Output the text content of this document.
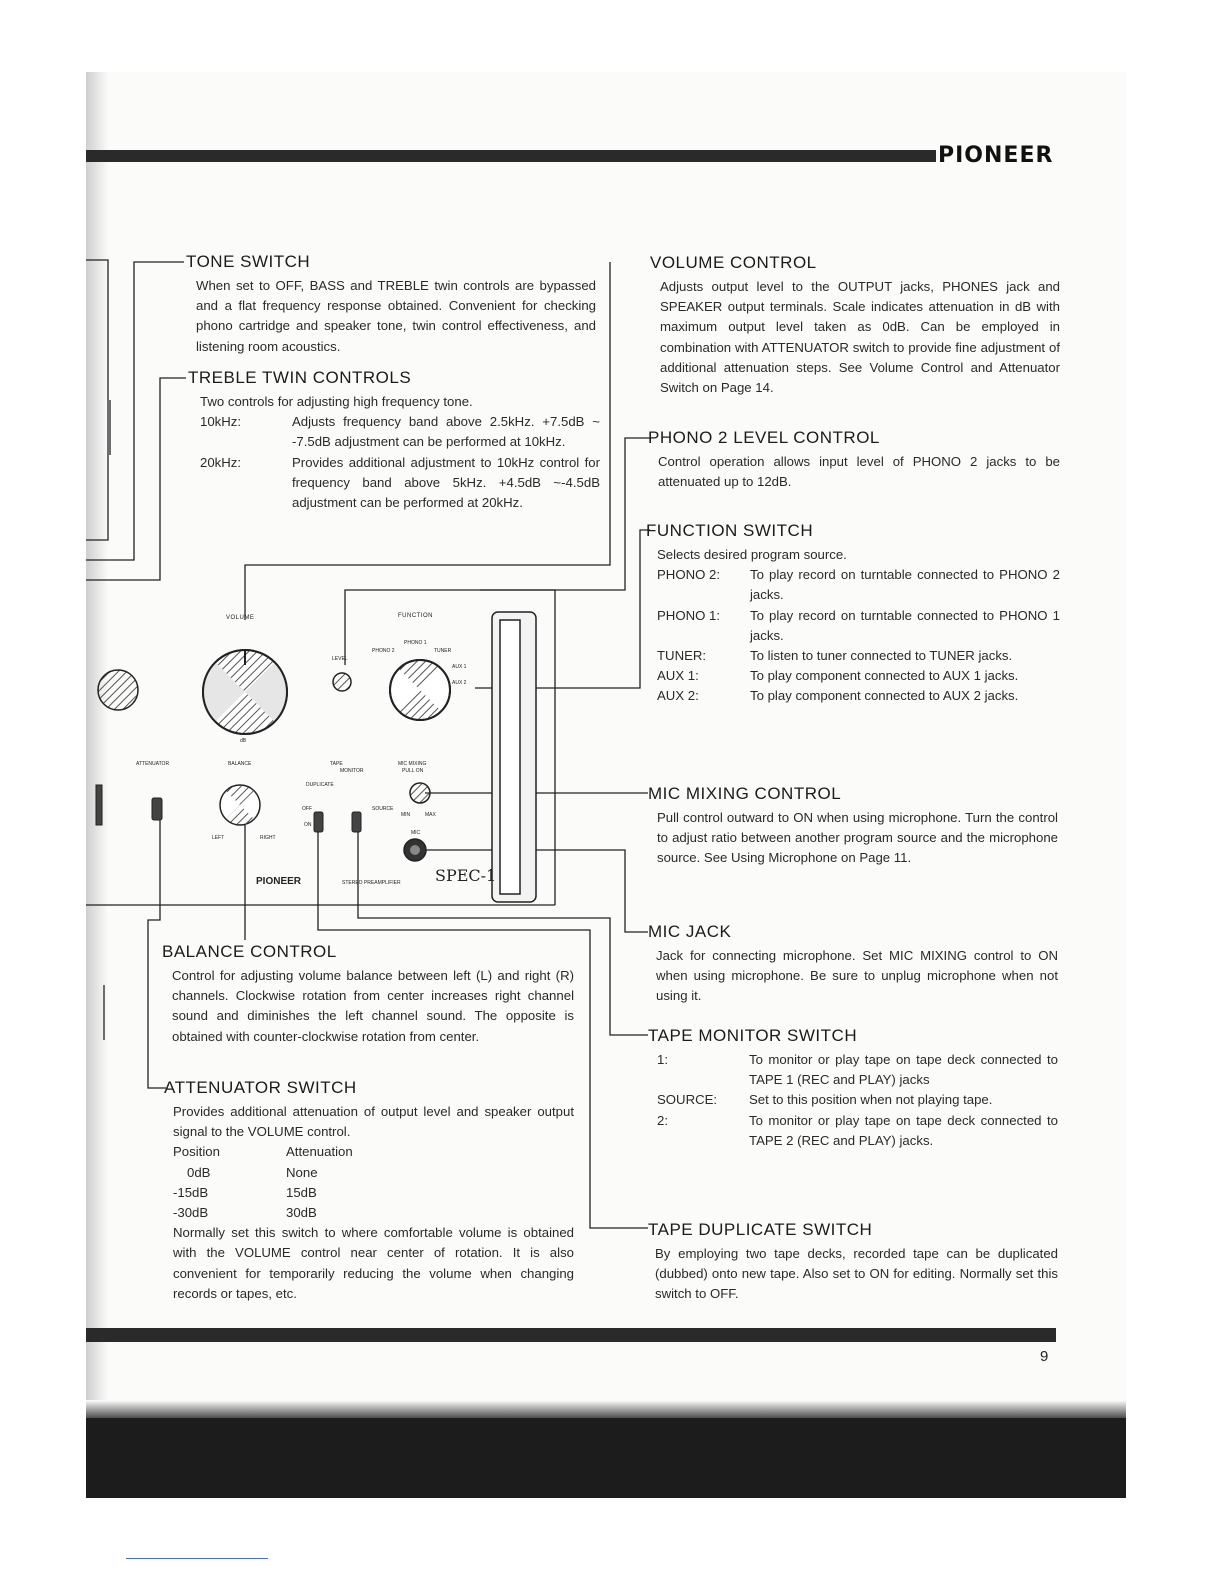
PIONEER
VOLUME	FUNCTION
LEVEL
PHONO 2
PHONO 1
TUNER
AUX 1
AUX 2
ATTENUATOR	BALANCE	TAPE
MONITOR
DUPLICATE
MIC MIXING
PULL ON
SOURCE
MIN	MAX
MIC
LEFT	RIGHT
OFF
ON
dB
PIONEER	STEREO PREAMPLIFIER SPEC-1
TONE SWITCH

When set to OFF, BASS and TREBLE twin controls are bypassed and a flat frequency response obtained. Convenient for checking phono cartridge and speaker tone, twin control effectiveness, and listening room acoustics.

TREBLE TWIN CONTROLS
Two controls for adjusting high frequency tone.
10kHz:	Adjusts frequency band above 2.5kHz. +7.5dB ~ -7.5dB adjustment can be performed at 10kHz.
20kHz:	Provides additional adjustment to 10kHz control for frequency band above 5kHz. +4.5dB ~-4.5dB adjustment can be performed at 20kHz.
VOLUME CONTROL

Adjusts output level to the OUTPUT jacks, PHONES jack and SPEAKER output terminals. Scale indicates attenuation in dB with maximum output level taken as 0dB. Can be employed in combination with ATTENUATOR switch to provide fine adjustment of additional attenuation steps. See Volume Control and Attenuator Switch on Page 14.

PHONO 2 LEVEL CONTROL

Control operation allows input level of PHONO 2 jacks to be attenuated up to 12dB.

FUNCTION SWITCH
Selects desired program source.
PHONO 2:	To play record on turntable connected to PHONO 2 jacks.
PHONO 1:	To play record on turntable connected to PHONO 1 jacks.
TUNER:	To listen to tuner connected to TUNER jacks.
AUX 1:	To play component connected to AUX 1 jacks.
AUX 2:	To play component connected to AUX 2 jacks.
MIC MIXING CONTROL

Pull control outward to ON when using microphone. Turn the control to adjust ratio between another program source and the microphone source. See Using Microphone on Page 11.

MIC JACK

Jack for connecting microphone. Set MIC MIXING control to ON when using microphone. Be sure to unplug microphone when not using it.

TAPE MONITOR SWITCH
1:	To monitor or play tape on tape deck connected to TAPE 1 (REC and PLAY) jacks
SOURCE:	Set to this position when not playing tape.
2:	To monitor or play tape on tape deck connected to TAPE 2 (REC and PLAY) jacks.
TAPE DUPLICATE SWITCH

By employing two tape decks, recorded tape can be duplicated (dubbed) onto new tape. Also set to ON for editing. Normally set this switch to OFF.

BALANCE CONTROL

Control for adjusting volume balance between left (L) and right (R) channels. Clockwise rotation from center increases right channel sound and diminishes the left channel sound. The opposite is obtained with counter-clockwise rotation from center.

ATTENUATOR SWITCH

Provides additional attenuation of output level and speaker output signal to the VOLUME control.

Position	Attenuation
0dB	None
-15dB	15dB
-30dB	30dB

Normally set this switch to where comfortable volume is obtained with the VOLUME control near center of rotation. It is also convenient for temporarily reducing the volume when changing records or tapes, etc.

9
